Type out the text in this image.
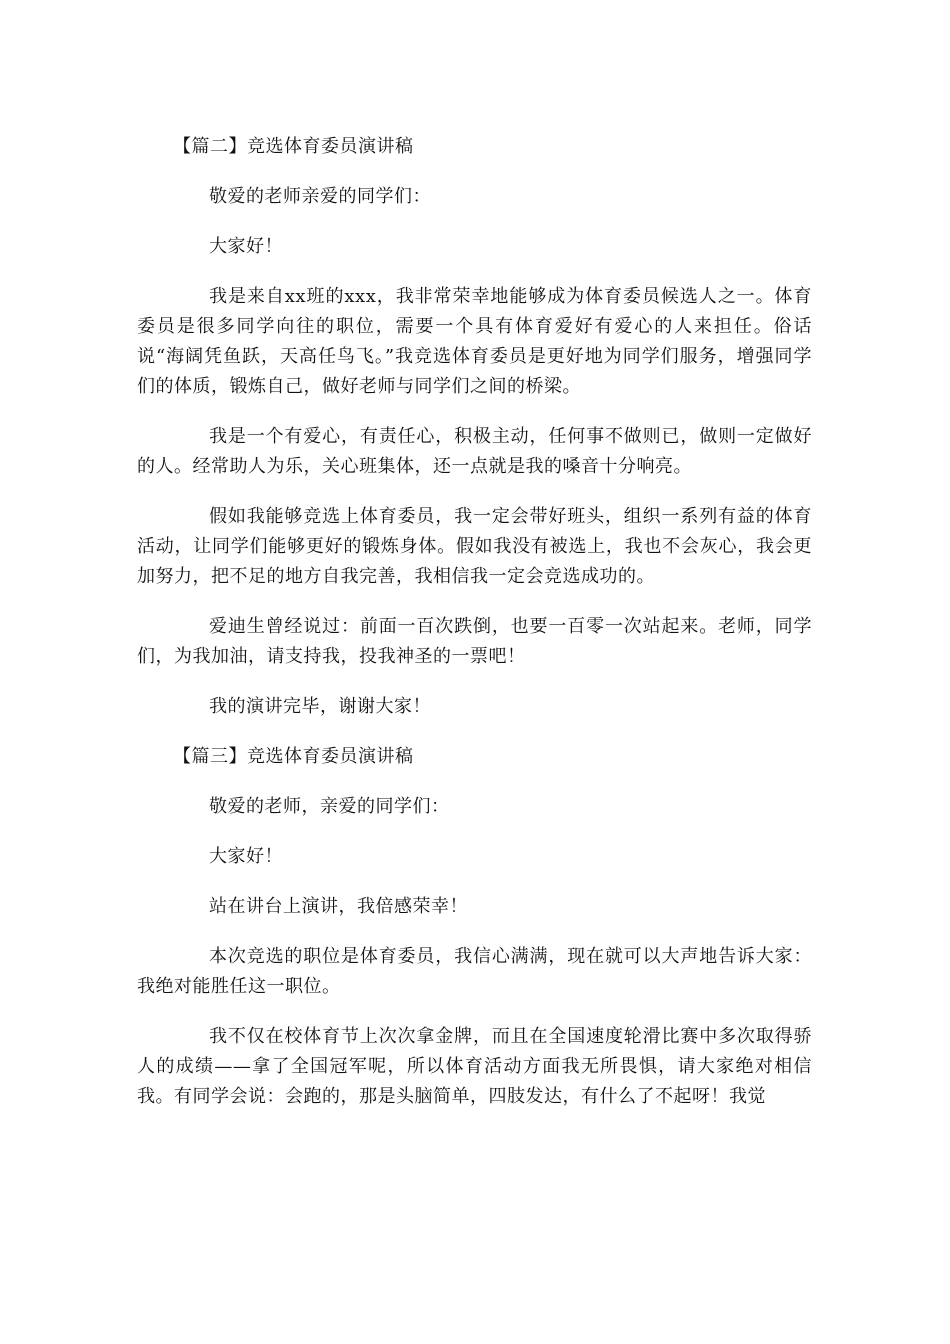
【篇二】竞选体育委员演讲稿

敬爱的老师亲爱的同学们：

大家好！

我是来自xx班的xxx，我非常荣幸地能够成为体育委员候选人之一。体育委员是很多同学向往的职位，需要一个具有体育爱好有爱心的人来担任。俗话说“海阔凭鱼跃，天高任鸟飞。”我竞选体育委员是更好地为同学们服务，增强同学们的体质，锻炼自己，做好老师与同学们之间的桥梁。

我是一个有爱心，有责任心，积极主动，任何事不做则已，做则一定做好的人。经常助人为乐，关心班集体，还一点就是我的嗓音十分响亮。

假如我能够竞选上体育委员，我一定会带好班头，组织一系列有益的体育活动，让同学们能够更好的锻炼身体。假如我没有被选上，我也不会灰心，我会更加努力，把不足的地方自我完善，我相信我一定会竞选成功的。

爱迪生曾经说过：前面一百次跌倒，也要一百零一次站起来。老师，同学们，为我加油，请支持我，投我神圣的一票吧！

我的演讲完毕，谢谢大家！

【篇三】竞选体育委员演讲稿

敬爱的老师，亲爱的同学们：

大家好！

站在讲台上演讲，我倍感荣幸！

本次竞选的职位是体育委员，我信心满满，现在就可以大声地告诉大家：我绝对能胜任这一职位。

我不仅在校体育节上次次拿金牌，而且在全国速度轮滑比赛中多次取得骄人的成绩——拿了全国冠军呢，所以体育活动方面我无所畏惧，请大家绝对相信我。有同学会说：会跑的，那是头脑简单，四肢发达，有什么了不起呀！我觉
